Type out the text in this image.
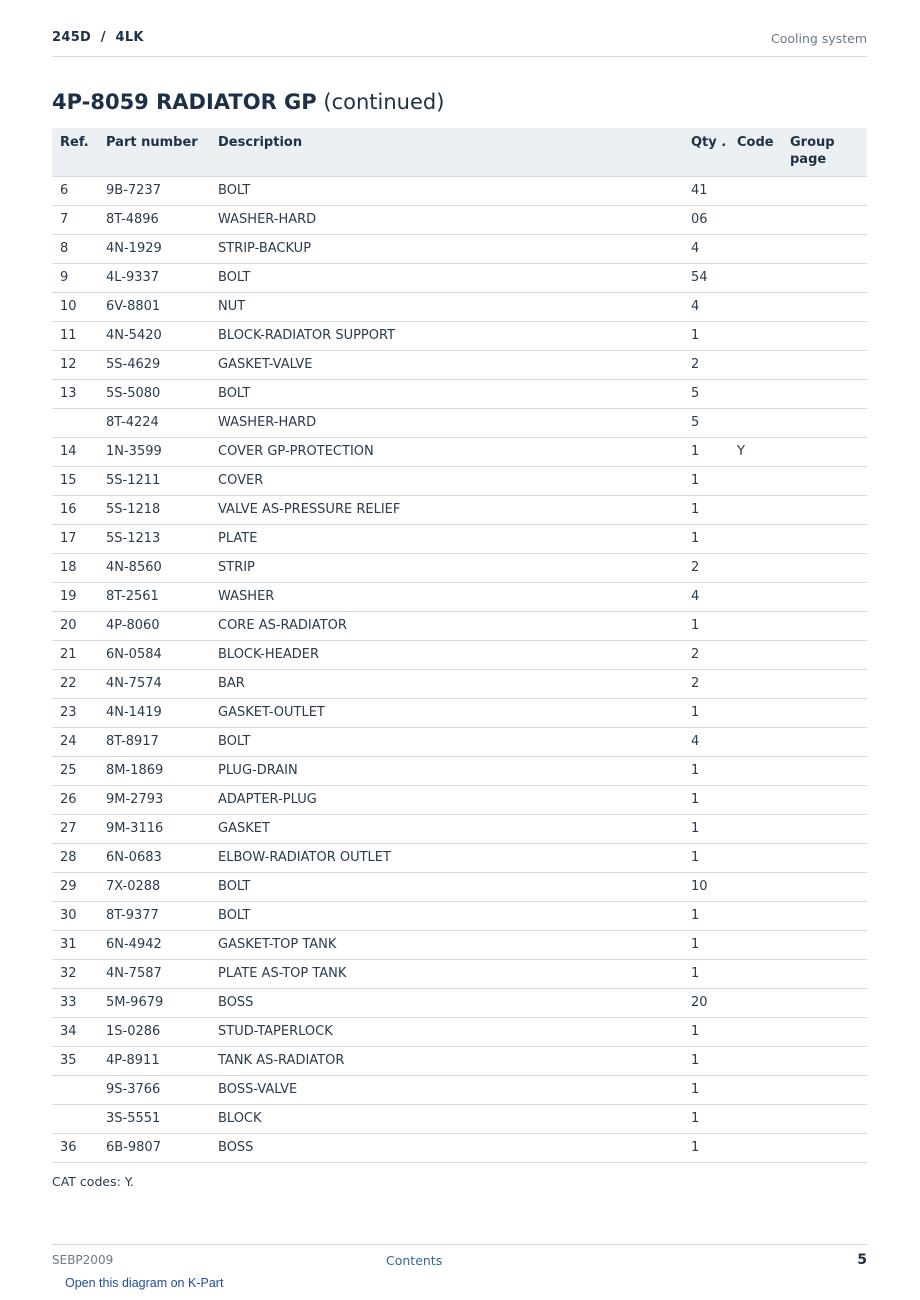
245D  /  4LK	Cooling system
4P-8059 RADIATOR GP (continued)
Ref.	Part number	Description	Qty .	Code	Group page
6	9B-7237	BOLT	41		
7	8T-4896	WASHER-HARD	06		
8	4N-1929	STRIP-BACKUP	4		
9	4L-9337	BOLT	54		
10	6V-8801	NUT	4		
11	4N-5420	BLOCK-RADIATOR SUPPORT	1		
12	5S-4629	GASKET-VALVE	2		
13	5S-5080	BOLT	5		
	8T-4224	WASHER-HARD	5		
14	1N-3599	COVER GP-PROTECTION	1	Y	
15	5S-1211	COVER	1		
16	5S-1218	VALVE AS-PRESSURE RELIEF	1		
17	5S-1213	PLATE	1		
18	4N-8560	STRIP	2		
19	8T-2561	WASHER	4		
20	4P-8060	CORE AS-RADIATOR	1		
21	6N-0584	BLOCK-HEADER	2		
22	4N-7574	BAR	2		
23	4N-1419	GASKET-OUTLET	1		
24	8T-8917	BOLT	4		
25	8M-1869	PLUG-DRAIN	1		
26	9M-2793	ADAPTER-PLUG	1		
27	9M-3116	GASKET	1		
28	6N-0683	ELBOW-RADIATOR OUTLET	1		
29	7X-0288	BOLT	10		
30	8T-9377	BOLT	1		
31	6N-4942	GASKET-TOP TANK	1		
32	4N-7587	PLATE AS-TOP TANK	1		
33	5M-9679	BOSS	20		
34	1S-0286	STUD-TAPERLOCK	1		
35	4P-8911	TANK AS-RADIATOR	1		
	9S-3766	BOSS-VALVE	1		
	3S-5551	BLOCK	1		
36	6B-9807	BOSS	1		
CAT codes: Y.
SEBP2009	Contents	5
Open this diagram on K-Part
